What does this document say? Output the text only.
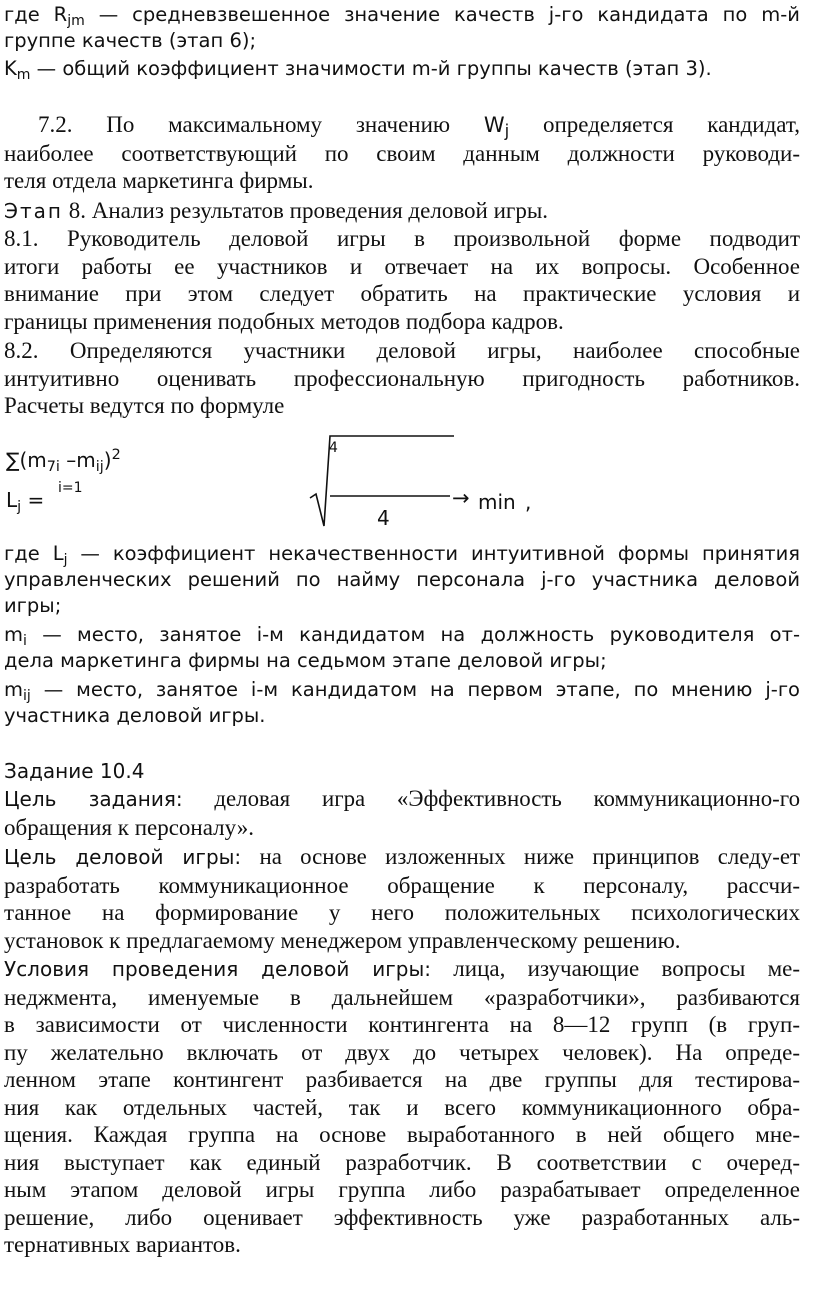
где $R_{jm}$ — средневзвешенное значение качеств j-го кандидата по m-й
группе качеств (этап 6);
$K_m$ — общий коэффициент значимости m-й группы качеств (этап 3).
7.2. По максимальному значению $W_j$ определяется кандидат,
наиболее соответствующий по своим данным должности руководи-
теля отдела маркетинга фирмы.
Этап 8. Анализ результатов проведения деловой игры.
8.1. Руководитель деловой игры в произвольной форме подводит
итоги работы ее участников и отвечает на их вопросы. Особенное
внимание при этом следует обратить на практические условия и
границы применения подобных методов подбора кадров.
8.2. Определяются участники деловой игры, наиболее способные
интуитивно оценивать профессиональную пригодность работников.
Расчеты ведутся по формуле
$\sum(m_{7i}$ $-m_{ij})^2$
i=1
$L_j$ =
4
4
→ min ,
где $L_j$ — коэффициент некачественности интуитивной формы принятия
управленческих решений по найму персонала j-го участника деловой
игры;
$m_i$ — место, занятое i-м кандидатом на должность руководителя от-
дела маркетинга фирмы на седьмом этапе деловой игры;
$m_{ij}$ — место, занятое i-м кандидатом на первом этапе, по мнению j-го
участника деловой игры.
Задание 10.4
Цель задания: деловая игра «Эффективность коммуникационно-го
обращения к персоналу».
Цель деловой игры: на основе изложенных ниже принципов следу-ет
разработать коммуникационное обращение к персоналу, рассчи-
танное на формирование у него положительных психологических
установок к предлагаемому менеджером управленческому решению.
Условия проведения деловой игры: лица, изучающие вопросы ме-
неджмента, именуемые в дальнейшем «разработчики», разбиваются
в зависимости от численности контингента на 8—12 групп (в груп-
пу желательно включать от двух до четырех человек). На опреде-
ленном этапе контингент разбивается на две группы для тестирова-
ния как отдельных частей, так и всего коммуникационного обра-
щения. Каждая группа на основе выработанного в ней общего мне-
ния выступает как единый разработчик. В соответствии с очеред-
ным этапом деловой игры группа либо разрабатывает определенное
решение, либо оценивает эффективность уже разработанных аль-
тернативных вариантов.
